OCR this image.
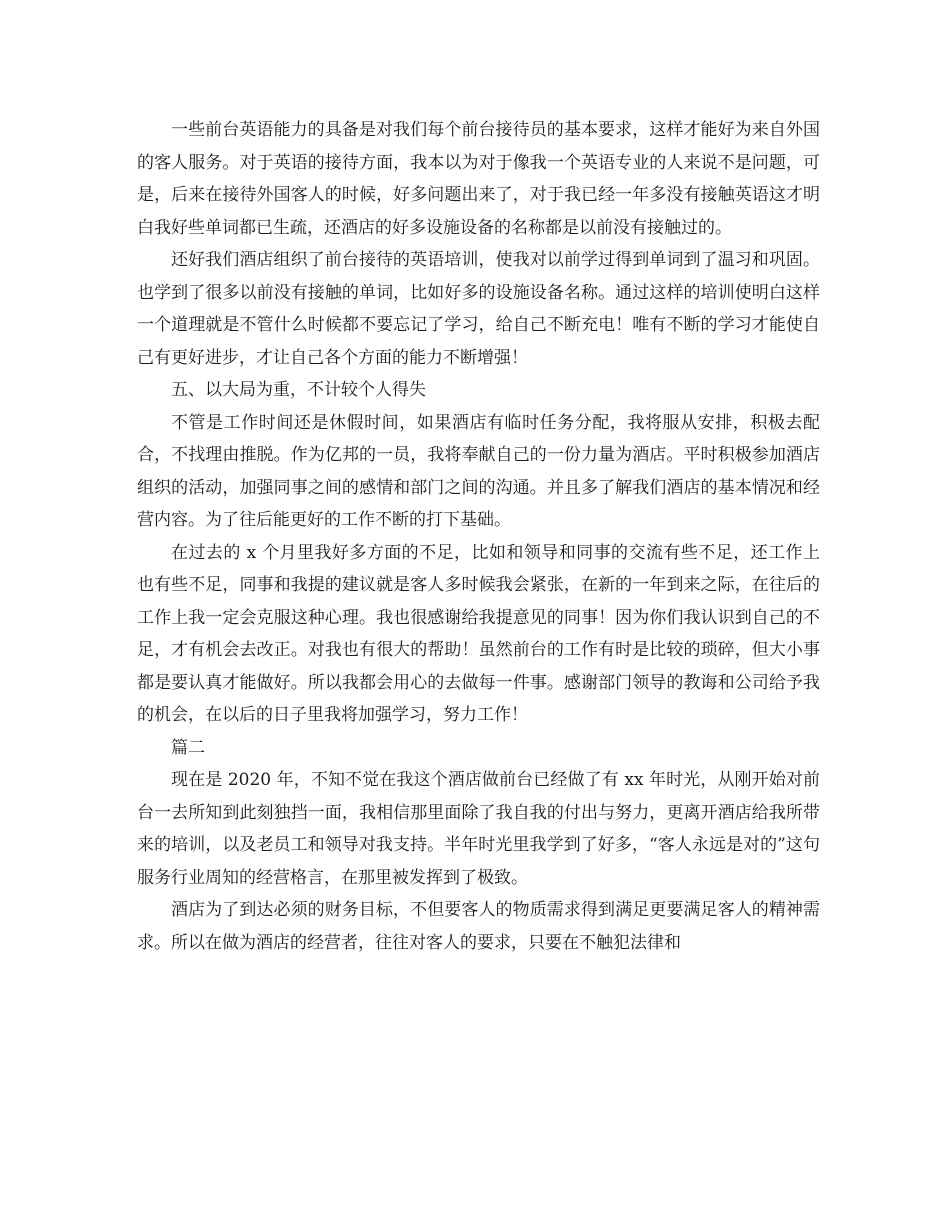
一些前台英语能力的具备是对我们每个前台接待员的基本要求，这样才能好为来自外国的客人服务。对于英语的接待方面，我本以为对于像我一个英语专业的人来说不是问题，可是，后来在接待外国客人的时候，好多问题出来了，对于我已经一年多没有接触英语这才明白我好些单词都已生疏，还酒店的好多设施设备的名称都是以前没有接触过的。

还好我们酒店组织了前台接待的英语培训，使我对以前学过得到单词到了温习和巩固。也学到了很多以前没有接触的单词，比如好多的设施设备名称。通过这样的培训使明白这样一个道理就是不管什么时候都不要忘记了学习，给自己不断充电！唯有不断的学习才能使自己有更好进步，才让自己各个方面的能力不断增强！

五、以大局为重，不计较个人得失

不管是工作时间还是休假时间，如果酒店有临时任务分配，我将服从安排，积极去配合，不找理由推脱。作为亿邦的一员，我将奉献自己的一份力量为酒店。平时积极参加酒店组织的活动，加强同事之间的感情和部门之间的沟通。并且多了解我们酒店的基本情况和经营内容。为了往后能更好的工作不断的打下基础。

在过去的 x 个月里我好多方面的不足，比如和领导和同事的交流有些不足，还工作上也有些不足，同事和我提的建议就是客人多时候我会紧张，在新的一年到来之际，在往后的工作上我一定会克服这种心理。我也很感谢给我提意见的同事！因为你们我认识到自己的不足，才有机会去改正。对我也有很大的帮助！虽然前台的工作有时是比较的琐碎，但大小事都是要认真才能做好。所以我都会用心的去做每一件事。感谢部门领导的教诲和公司给予我的机会，在以后的日子里我将加强学习，努力工作！

篇二

现在是 2020 年，不知不觉在我这个酒店做前台已经做了有 xx 年时光，从刚开始对前台一去所知到此刻独挡一面，我相信那里面除了我自我的付出与努力，更离开酒店给我所带来的培训，以及老员工和领导对我支持。半年时光里我学到了好多，“客人永远是对的”这句服务行业周知的经营格言，在那里被发挥到了极致。

酒店为了到达必须的财务目标，不但要客人的物质需求得到满足更要满足客人的精神需求。所以在做为酒店的经营者，往往对客人的要求，只要在不触犯法律和
